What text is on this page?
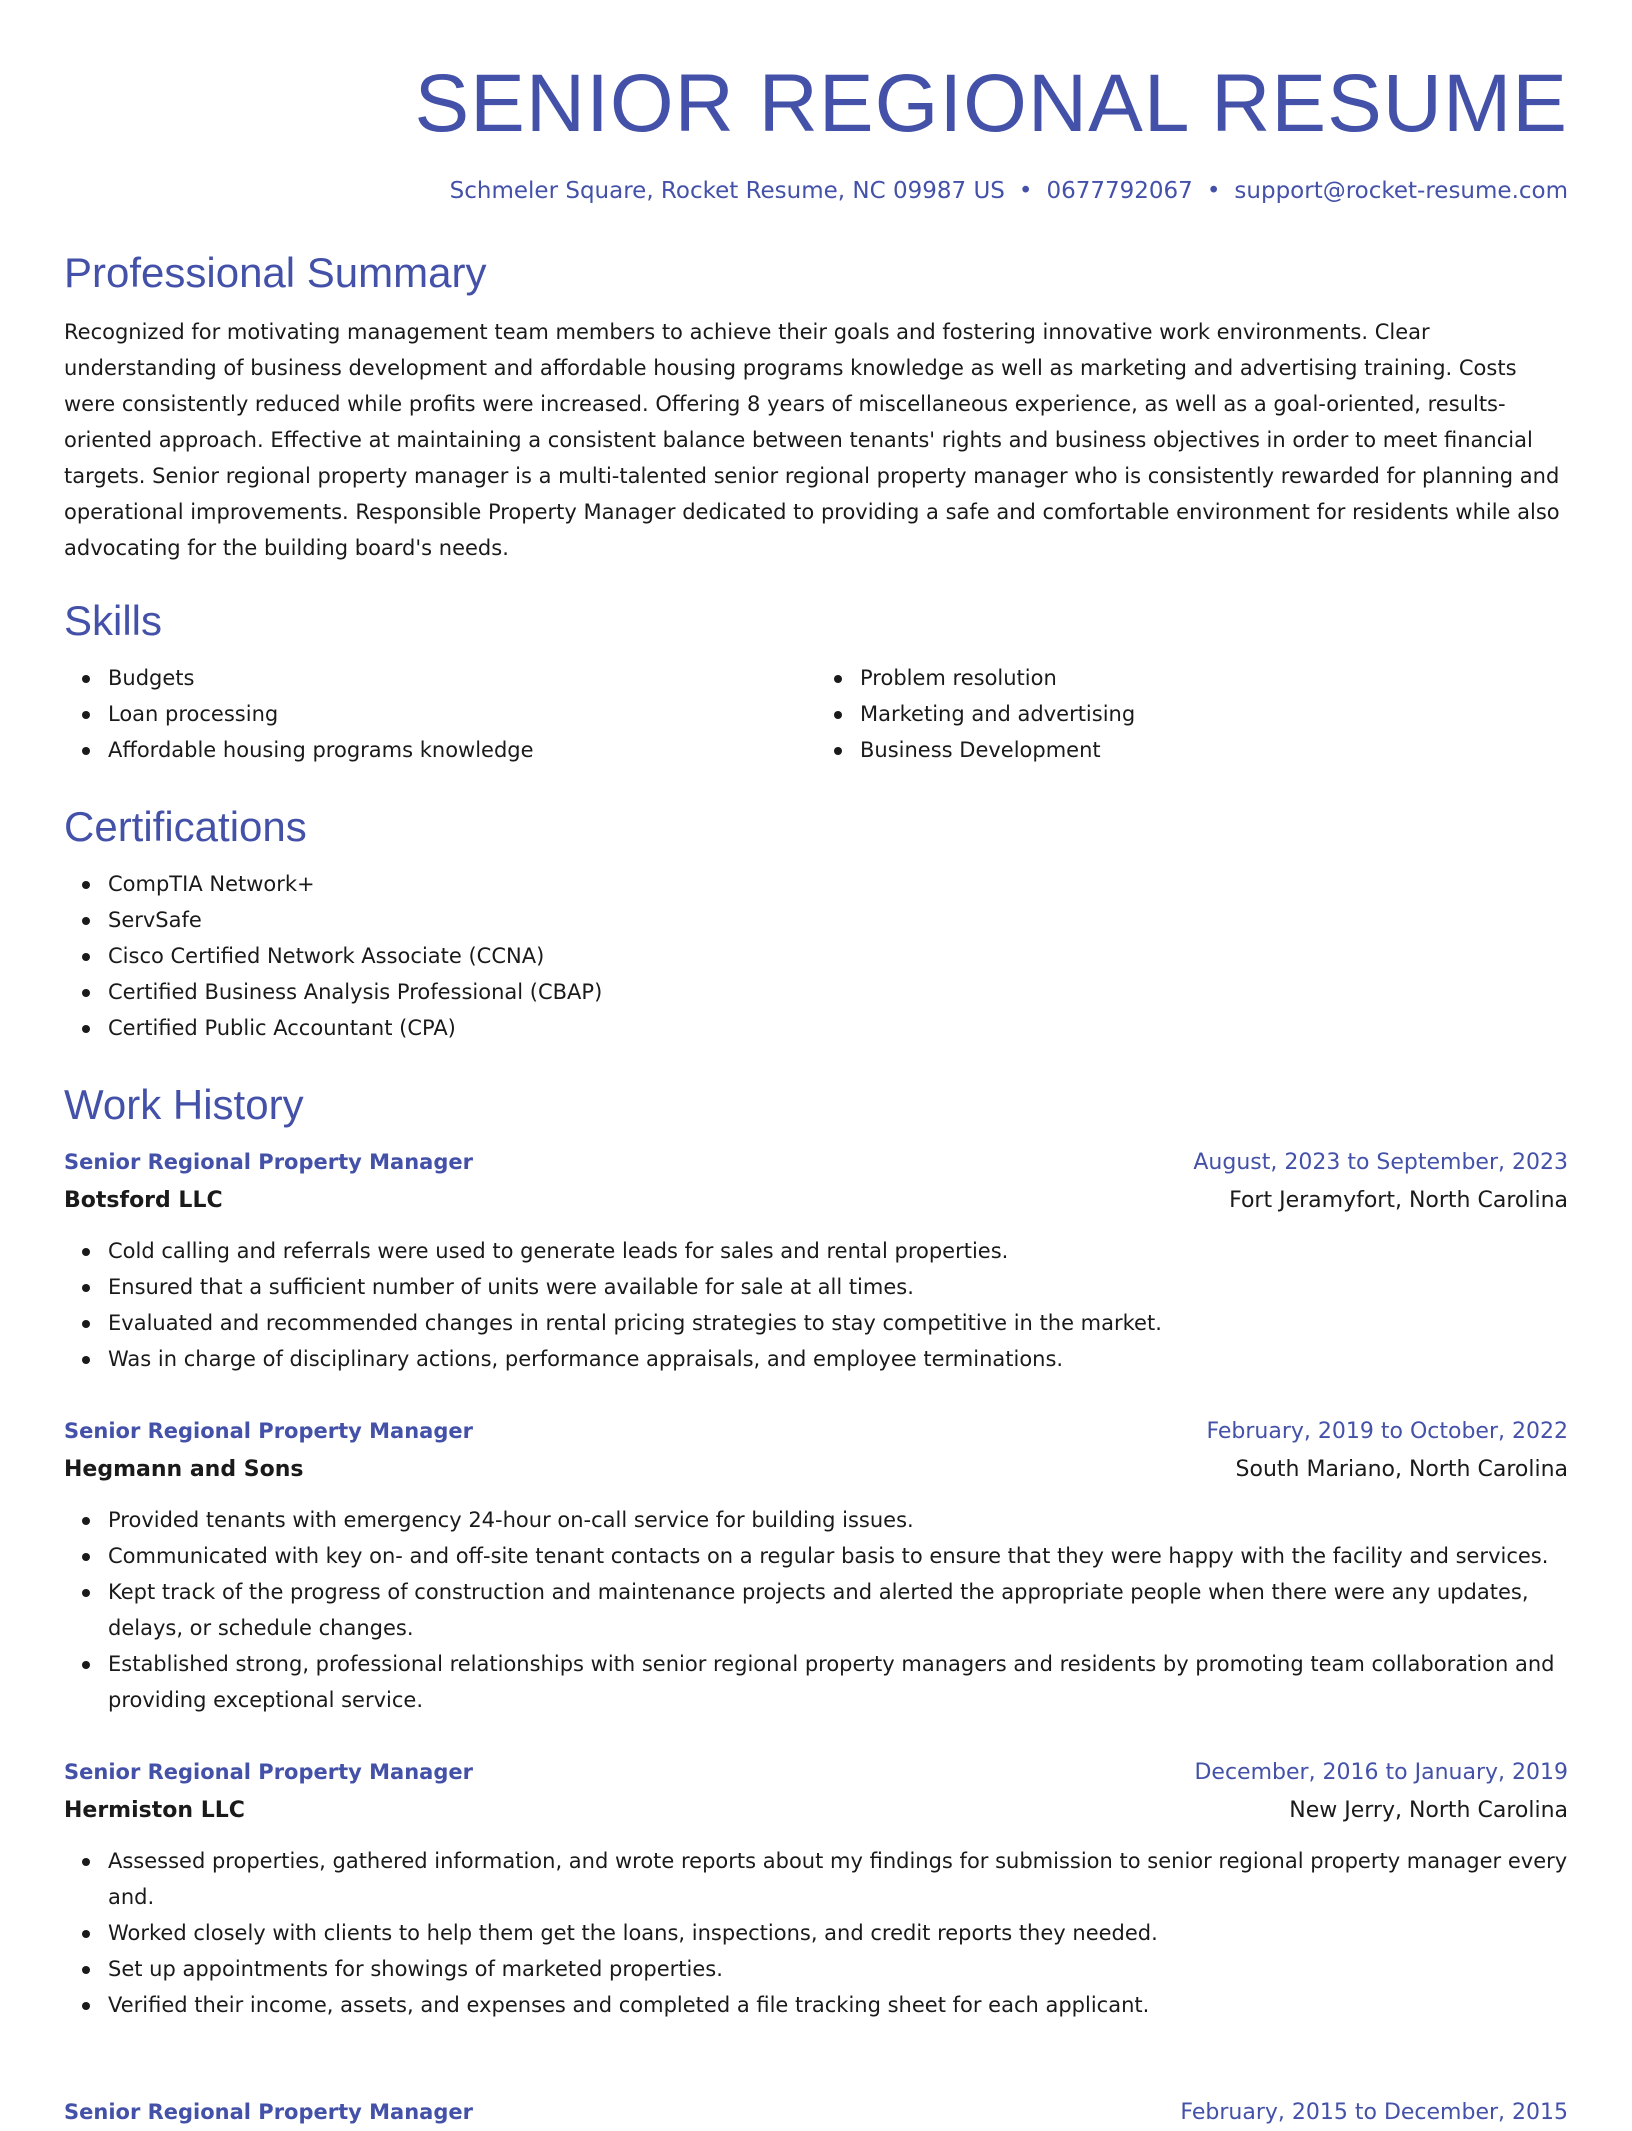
SENIOR REGIONAL RESUME
Schmeler Square, Rocket Resume, NC 09987 US • 0677792067 • support@rocket-resume.com
Professional Summary

Recognized for motivating management team members to achieve their goals and fostering innovative work environments. Clear understanding of business development and affordable housing programs knowledge as well as marketing and advertising training. Costs were consistently reduced while profits were increased. Offering 8 years of miscellaneous experience, as well as a goal-oriented, results-oriented approach. Effective at maintaining a consistent balance between tenants' rights and business objectives in order to meet financial targets. Senior regional property manager is a multi-talented senior regional property manager who is consistently rewarded for planning and operational improvements. Responsible Property Manager dedicated to providing a safe and comfortable environment for residents while also advocating for the building board's needs.

Skills
Budgets
Loan processing
Affordable housing programs knowledge
Problem resolution
Marketing and advertising
Business Development
Certifications
CompTIA Network+
ServSafe
Cisco Certified Network Associate (CCNA)
Certified Business Analysis Professional (CBAP)
Certified Public Accountant (CPA)
Work History
Senior Regional Property Manager	August, 2023 to September, 2023
Botsford LLC	Fort Jeramyfort, North Carolina
Cold calling and referrals were used to generate leads for sales and rental properties.
Ensured that a sufficient number of units were available for sale at all times.
Evaluated and recommended changes in rental pricing strategies to stay competitive in the market.
Was in charge of disciplinary actions, performance appraisals, and employee terminations.
Senior Regional Property Manager	February, 2019 to October, 2022
Hegmann and Sons	South Mariano, North Carolina
Provided tenants with emergency 24-hour on-call service for building issues.
Communicated with key on- and off-site tenant contacts on a regular basis to ensure that they were happy with the facility and services.
Kept track of the progress of construction and maintenance projects and alerted the appropriate people when there were any updates, delays, or schedule changes.
Established strong, professional relationships with senior regional property managers and residents by promoting team collaboration and providing exceptional service.
Senior Regional Property Manager	December, 2016 to January, 2019
Hermiston LLC	New Jerry, North Carolina
Assessed properties, gathered information, and wrote reports about my findings for submission to senior regional property manager every and.
Worked closely with clients to help them get the loans, inspections, and credit reports they needed.
Set up appointments for showings of marketed properties.
Verified their income, assets, and expenses and completed a file tracking sheet for each applicant.
Senior Regional Property Manager	February, 2015 to December, 2015
